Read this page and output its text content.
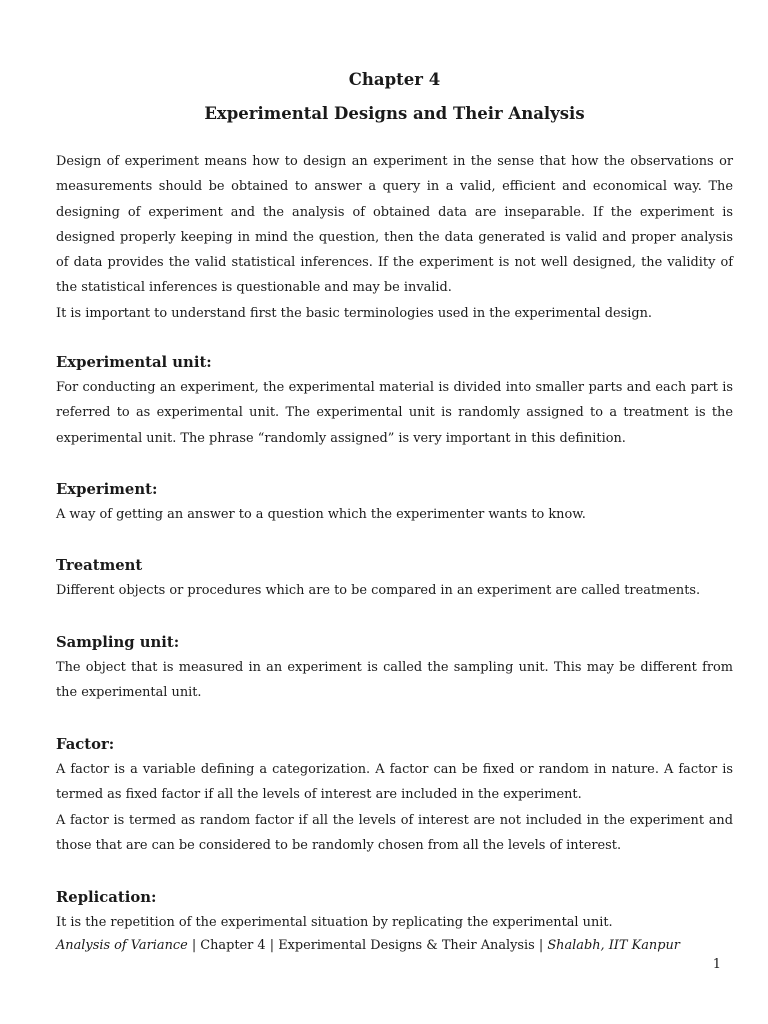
Chapter 4
Experimental Designs and Their Analysis

Design of experiment means how to design an experiment in the sense that how the observations or measurements should be obtained to answer a query in a valid, efficient and economical way. The designing of experiment and the analysis of obtained data are inseparable. If the experiment is designed properly keeping in mind the question, then the data generated is valid and proper analysis of data provides the valid statistical inferences. If the experiment is not well designed, the validity of the statistical inferences is questionable and may be invalid.

It is important to understand first the basic terminologies used in the experimental design.

Experimental unit:

For conducting an experiment, the experimental material is divided into smaller parts and each part is referred to as experimental unit. The experimental unit is randomly assigned to a treatment is the experimental unit. The phrase “randomly assigned” is very important in this definition.

Experiment:

A way of getting an answer to a question which the experimenter wants to know.

Treatment

Different objects or procedures which are to be compared in an experiment are called treatments.

Sampling unit:

The object that is measured in an experiment is called the sampling unit. This may be different from the experimental unit.

Factor:

A factor is a variable defining a categorization. A factor can be fixed or random in nature. A factor is termed as fixed factor if all the levels of interest are included in the experiment.

A factor is termed as random factor if all the levels of interest are not included in the experiment and those that are can be considered to be randomly chosen from all the levels of interest.

Replication:

It is the repetition of the experimental situation by replicating the experimental unit.

Analysis of Variance | Chapter 4 | Experimental Designs & Their Analysis | Shalabh, IIT Kanpur
1
